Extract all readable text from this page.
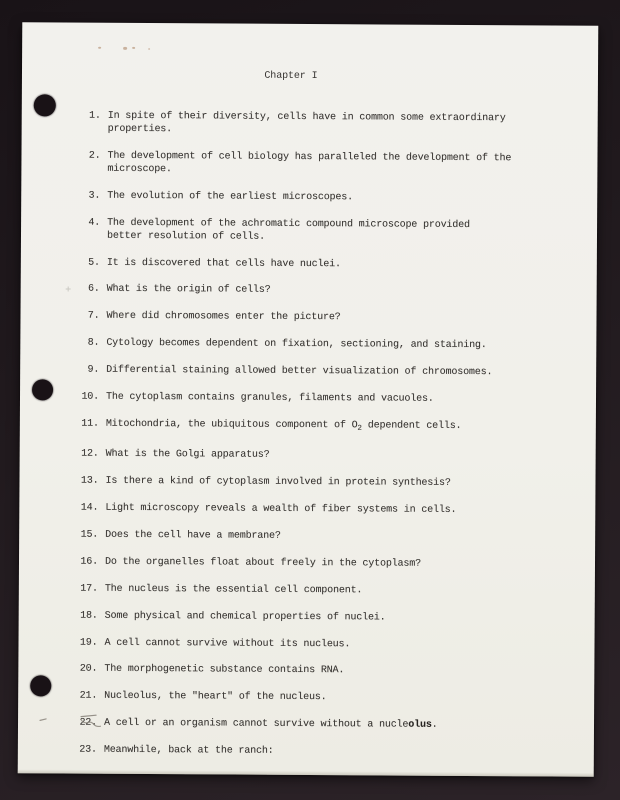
Chapter I
1. In spite of their diversity, cells have in common some extraordinary
properties.
2. The development of cell biology has paralleled the development of the
microscope.
3. The evolution of the earliest microscopes.
4. The development of the achromatic compound microscope provided
better resolution of cells.
5. It is discovered that cells have nuclei.
6. What is the origin of cells?
7. Where did chromosomes enter the picture?
8. Cytology becomes dependent on fixation, sectioning, and staining.
9. Differential staining allowed better visualization of chromosomes.
10. The cytoplasm contains granules, filaments and vacuoles.
11. Mitochondria, the ubiquitous component of $O_2$ dependent cells.
12. What is the Golgi apparatus?
13. Is there a kind of cytoplasm involved in protein synthesis?
14. Light microscopy reveals a wealth of fiber systems in cells.
15. Does the cell have a membrane?
16. Do the organelles float about freely in the cytoplasm?
17. The nucleus is the essential cell component.
18. Some physical and chemical properties of nuclei.
19. A cell cannot survive without its nucleus.
20. The morphogenetic substance contains RNA.
21. Nucleolus, the "heart" of the nucleus.
22. A cell or an organism cannot survive without a nucleolus.
23. Meanwhile, back at the ranch:
